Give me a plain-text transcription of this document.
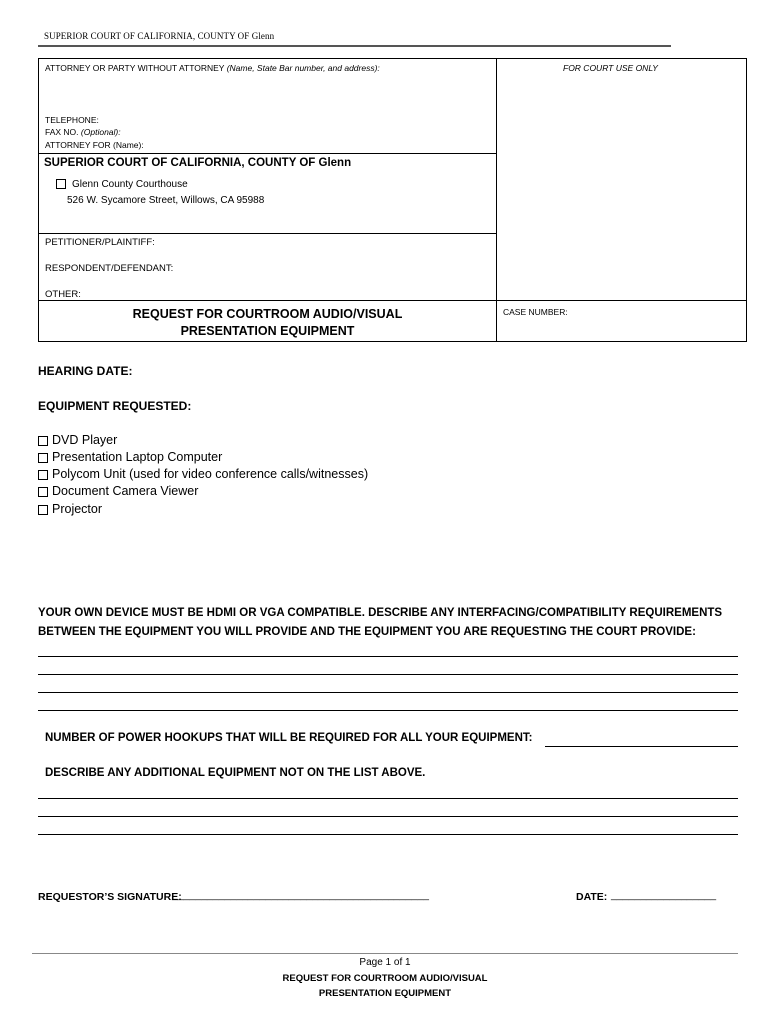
SUPERIOR COURT OF CALIFORNIA, COUNTY OF Glenn
ATTORNEY OR PARTY WITHOUT ATTORNEY (Name, State Bar number, and address):	FOR COURT USE ONLY
TELEPHONE:
FAX NO. (Optional):
ATTORNEY FOR (Name):
SUPERIOR COURT OF CALIFORNIA, COUNTY OF Glenn
Glenn County Courthouse
526 W. Sycamore Street, Willows, CA 95988
PETITIONER/PLAINTIFF:
RESPONDENT/DEFENDANT:
OTHER:
REQUEST FOR COURTROOM AUDIO/VISUAL
PRESENTATION EQUIPMENT
CASE NUMBER:
HEARING DATE:
EQUIPMENT REQUESTED:
DVD Player
Presentation Laptop Computer
Polycom Unit (used for video conference calls/witnesses)
Document Camera Viewer
Projector
YOUR OWN DEVICE MUST BE HDMI OR VGA COMPATIBLE. DESCRIBE ANY INTERFACING/COMPATIBILITY REQUIREMENTS
BETWEEN THE EQUIPMENT YOU WILL PROVIDE AND THE EQUIPMENT YOU ARE REQUESTING THE COURT PROVIDE:
NUMBER OF POWER HOOKUPS THAT WILL BE REQUIRED FOR ALL YOUR EQUIPMENT:
DESCRIBE ANY ADDITIONAL EQUIPMENT NOT ON THE LIST ABOVE.
REQUESTOR’S SIGNATURE:
____________________________________________	DATE: __________________
Page 1 of 1
REQUEST FOR COURTROOM AUDIO/VISUAL
PRESENTATION EQUIPMENT
